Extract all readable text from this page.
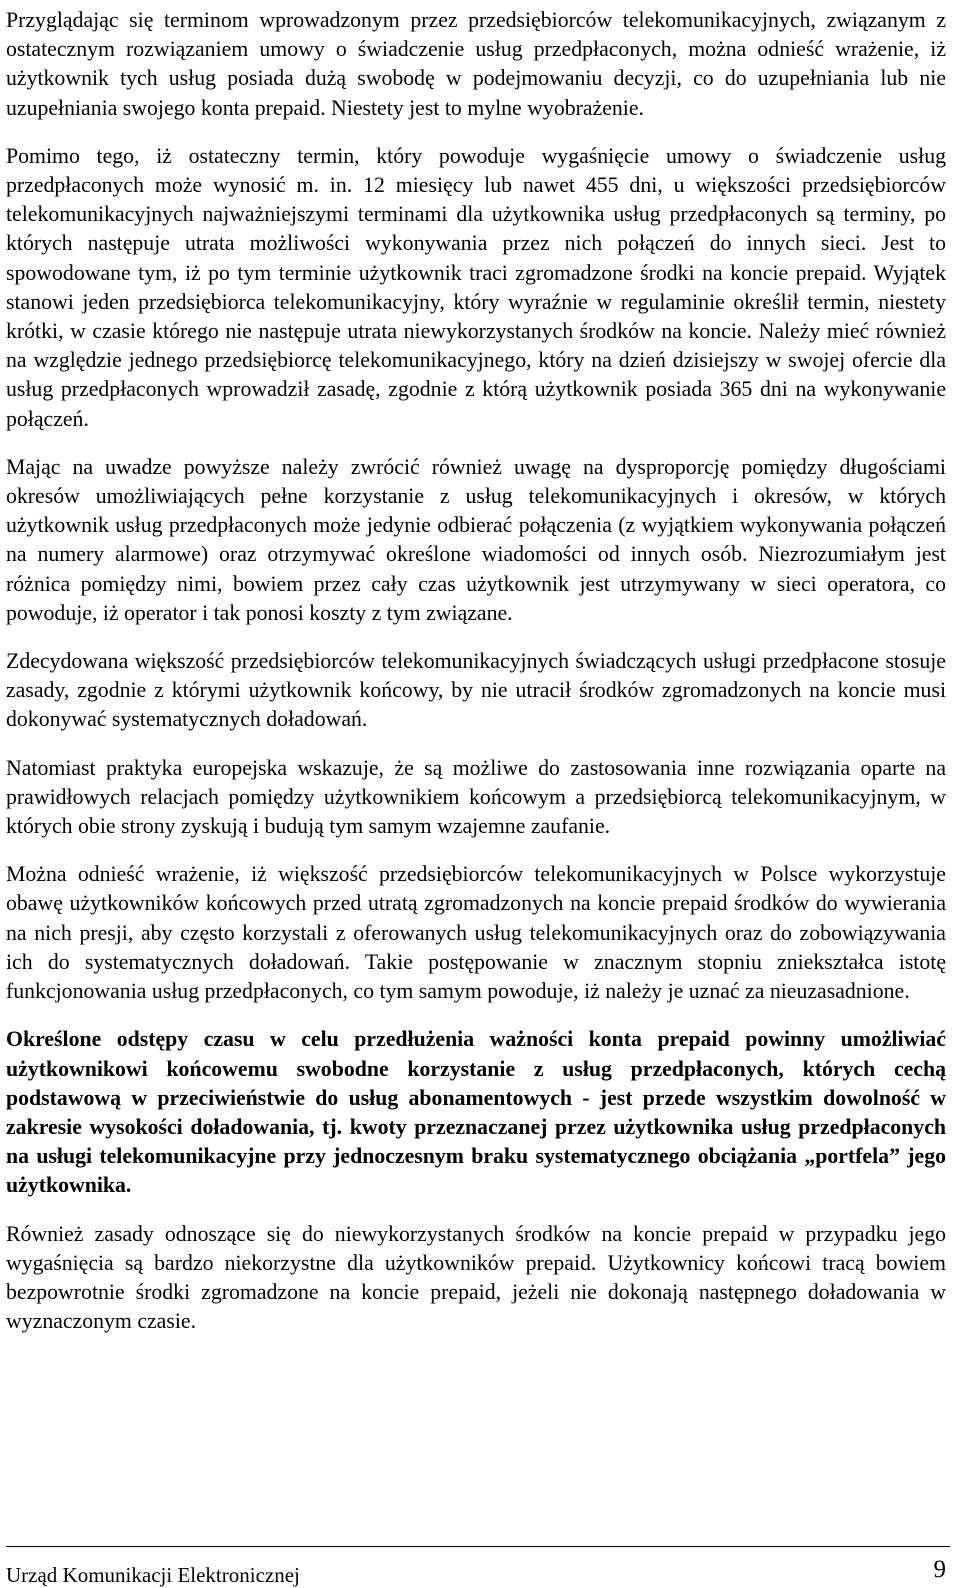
Przyglądając się terminom wprowadzonym przez przedsiębiorców telekomunikacyjnych, związanym z ostatecznym rozwiązaniem umowy o świadczenie usług przedpłaconych, można odnieść wrażenie, iż użytkownik tych usług posiada dużą swobodę w podejmowaniu decyzji, co do uzupełniania lub nie uzupełniania swojego konta prepaid. Niestety jest to mylne wyobrażenie.

Pomimo tego, iż ostateczny termin, który powoduje wygaśnięcie umowy o świadczenie usług przedpłaconych może wynosić m. in. 12 miesięcy lub nawet 455 dni, u większości przedsiębiorców telekomunikacyjnych najważniejszymi terminami dla użytkownika usług przedpłaconych są terminy, po których następuje utrata możliwości wykonywania przez nich połączeń do innych sieci. Jest to spowodowane tym, iż po tym terminie użytkownik traci zgromadzone środki na koncie prepaid. Wyjątek stanowi jeden przedsiębiorca telekomunikacyjny, który wyraźnie w regulaminie określił termin, niestety krótki, w czasie którego nie następuje utrata niewykorzystanych środków na koncie. Należy mieć również na względzie jednego przedsiębiorcę telekomunikacyjnego, który na dzień dzisiejszy w swojej ofercie dla usług przedpłaconych wprowadził zasadę, zgodnie z którą użytkownik posiada 365 dni na wykonywanie połączeń.

Mając na uwadze powyższe należy zwrócić również uwagę na dysproporcję pomiędzy długościami okresów umożliwiających pełne korzystanie z usług telekomunikacyjnych i okresów, w których użytkownik usług przedpłaconych może jedynie odbierać połączenia (z wyjątkiem wykonywania połączeń na numery alarmowe) oraz otrzymywać określone wiadomości od innych osób. Niezrozumiałym jest różnica pomiędzy nimi, bowiem przez cały czas użytkownik jest utrzymywany w sieci operatora, co powoduje, iż operator i tak ponosi koszty z tym związane.

Zdecydowana większość przedsiębiorców telekomunikacyjnych świadczących usługi przedpłacone stosuje zasady, zgodnie z którymi użytkownik końcowy, by nie utracił środków zgromadzonych na koncie musi dokonywać systematycznych doładowań.

Natomiast praktyka europejska wskazuje, że są możliwe do zastosowania inne rozwiązania oparte na prawidłowych relacjach pomiędzy użytkownikiem końcowym a przedsiębiorcą telekomunikacyjnym, w których obie strony zyskują i budują tym samym wzajemne zaufanie.

Można odnieść wrażenie, iż większość przedsiębiorców telekomunikacyjnych w Polsce wykorzystuje obawę użytkowników końcowych przed utratą zgromadzonych na koncie prepaid środków do wywierania na nich presji, aby często korzystali z oferowanych usług telekomunikacyjnych oraz do zobowiązywania ich do systematycznych doładowań. Takie postępowanie w znacznym stopniu zniekształca istotę funkcjonowania usług przedpłaconych, co tym samym powoduje, iż należy je uznać za nieuzasadnione.

Określone odstępy czasu w celu przedłużenia ważności konta prepaid powinny umożliwiać użytkownikowi końcowemu swobodne korzystanie z usług przedpłaconych, których cechą podstawową w przeciwieństwie do usług abonamentowych - jest przede wszystkim dowolność w zakresie wysokości doładowania, tj. kwoty przeznaczanej przez użytkownika usług przedpłaconych na usługi telekomunikacyjne przy jednoczesnym braku systematycznego obciążania „portfela” jego użytkownika.

Również zasady odnoszące się do niewykorzystanych środków na koncie prepaid w przypadku jego wygaśnięcia są bardzo niekorzystne dla użytkowników prepaid. Użytkownicy końcowi tracą bowiem bezpowrotnie środki zgromadzone na koncie prepaid, jeżeli nie dokonają następnego doładowania w wyznaczonym czasie.

Urząd Komunikacji Elektronicznej	9
